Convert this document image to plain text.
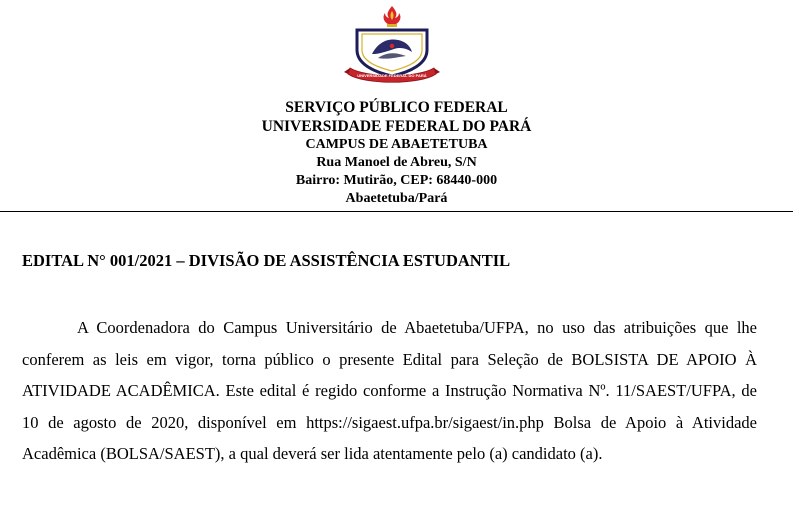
UNIVERSIDADE FEDERAL DO PARÁ
SERVIÇO PÚBLICO FEDERAL
UNIVERSIDADE FEDERAL DO PARÁ
CAMPUS DE ABAETETUBA
Rua Manoel de Abreu, S/N
Bairro: Mutirão, CEP: 68440-000
Abaetetuba/Pará
EDITAL N° 001/2021 – DIVISÃO DE ASSISTÊNCIA ESTUDANTIL

A Coordenadora do Campus Universitário de Abaetetuba/UFPA, no uso das atribuições que lhe conferem as leis em vigor, torna público o presente Edital para Seleção de BOLSISTA DE APOIO À ATIVIDADE ACADÊMICA. Este edital é regido conforme a Instrução Normativa Nº. 11/SAEST/UFPA, de 10 de agosto de 2020, disponível em https://sigaest.ufpa.br/sigaest/in.php Bolsa de Apoio à Atividade Acadêmica (BOLSA/SAEST), a qual deverá ser lida atentamente pelo (a) candidato (a).
